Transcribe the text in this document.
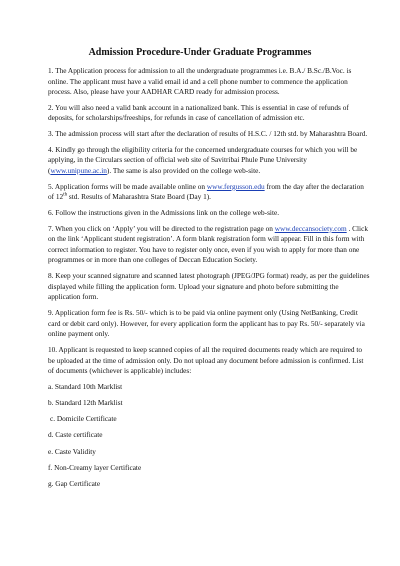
Admission Procedure-Under Graduate Programmes

1. The Application process for admission to all the undergraduate programmes i.e. B.A./ B.Sc./B.Voc. is online. The applicant must have a valid email id and a cell phone number to commence the application process. Also, please have your AADHAR CARD ready for admission process.

2. You will also need a valid bank account in a nationalized bank. This is essential in case of refunds of deposits, for scholarships/freeships, for refunds in case of cancellation of admission etc.

3. The admission process will start after the declaration of results of H.S.C. / 12th std. by Maharashtra Board.

4. Kindly go through the eligibility criteria for the concerned undergraduate courses for which you will be applying, in the Circulars section of official web site of Savitribai Phule Pune University (www.unipune.ac.in). The same is also provided on the college web-site.

5. Application forms will be made available online on www.fergusson.edu from the day after the declaration of 12th std. Results of Maharashtra State Board (Day 1).

6. Follow the instructions given in the Admissions link on the college web-site.

7. When you click on ‘Apply’ you will be directed to the registration page on www.deccansociety.com . Click on the link ‘Applicant student registration’. A form blank registration form will appear. Fill in this form with correct information to register. You have to register only once, even if you wish to apply for more than one programmes or in more than one colleges of Deccan Education Society.

8. Keep your scanned signature and scanned latest photograph (JPEG/JPG format) ready, as per the guidelines displayed while filling the application form. Upload your signature and photo before submitting the application form.

9. Application form fee is Rs. 50/- which is to be paid via online payment only (Using NetBanking, Credit card or debit card only). However, for every application form the applicant has to pay Rs. 50/- separately via online payment only.

10. Applicant is requested to keep scanned copies of all the required documents ready which are required to be uploaded at the time of admission only. Do not upload any document before admission is confirmed. List of documents (whichever is applicable) includes:

a. Standard 10th Marklist

b. Standard 12th Marklist

c. Domicile Certificate

d. Caste certificate

e. Caste Validity

f. Non-Creamy layer Certificate

g. Gap Certificate
